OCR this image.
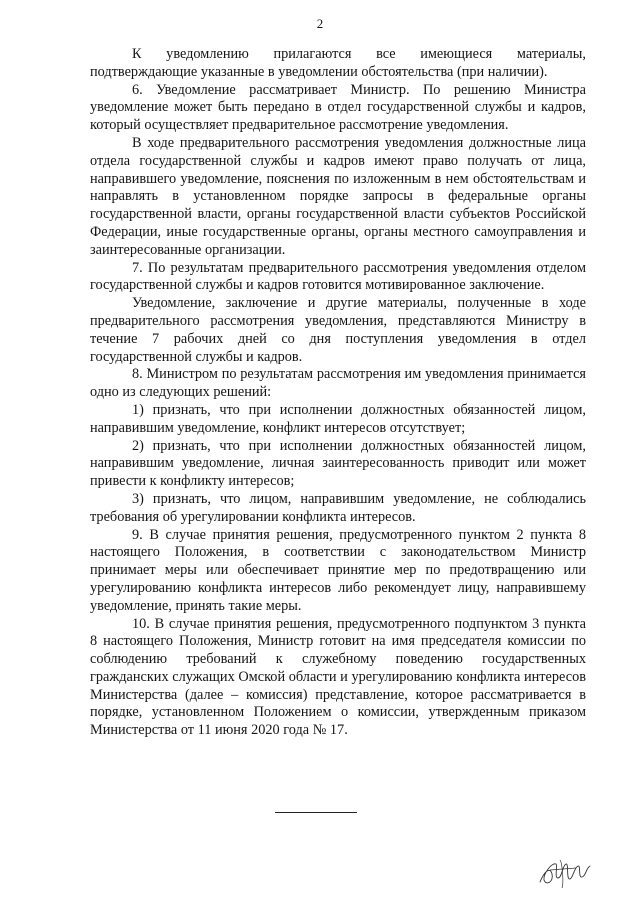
2

К уведомлению прилагаются все имеющиеся материалы, подтверждающие указанные в уведомлении обстоятельства (при наличии).

6. Уведомление рассматривает Министр. По решению Министра уведомление может быть передано в отдел государственной службы и кадров, который осуществляет предварительное рассмотрение уведомления.

В ходе предварительного рассмотрения уведомления должностные лица отдела государственной службы и кадров имеют право получать от лица, направившего уведомление, пояснения по изложенным в нем обстоятельствам и направлять в установленном порядке запросы в федеральные органы государственной власти, органы государственной власти субъектов Российской Федерации, иные государственные органы, органы местного самоуправления и заинтересованные организации.

7. По результатам предварительного рассмотрения уведомления отделом государственной службы и кадров готовится мотивированное заключение.

Уведомление, заключение и другие материалы, полученные в ходе предварительного рассмотрения уведомления, представляются Министру в течение 7 рабочих дней со дня поступления уведомления в отдел государственной службы и кадров.

8. Министром по результатам рассмотрения им уведомления принимается одно из следующих решений:

1) признать, что при исполнении должностных обязанностей лицом, направившим уведомление, конфликт интересов отсутствует;

2) признать, что при исполнении должностных обязанностей лицом, направившим уведомление, личная заинтересованность приводит или может привести к конфликту интересов;

3) признать, что лицом, направившим уведомление, не соблюдались требования об урегулировании конфликта интересов.

9. В случае принятия решения, предусмотренного пунктом 2 пункта 8 настоящего Положения, в соответствии с законодательством Министр принимает меры или обеспечивает принятие мер по предотвращению или урегулированию конфликта интересов либо рекомендует лицу, направившему уведомление, принять такие меры.

10. В случае принятия решения, предусмотренного подпунктом 3 пункта 8 настоящего Положения, Министр готовит на имя председателя комиссии по соблюдению требований к служебному поведению государственных гражданских служащих Омской области и урегулированию конфликта интересов Министерства (далее – комиссия) представление, которое рассматривается в порядке, установленном Положением о комиссии, утвержденным приказом Министерства от 11 июня 2020 года № 17.
